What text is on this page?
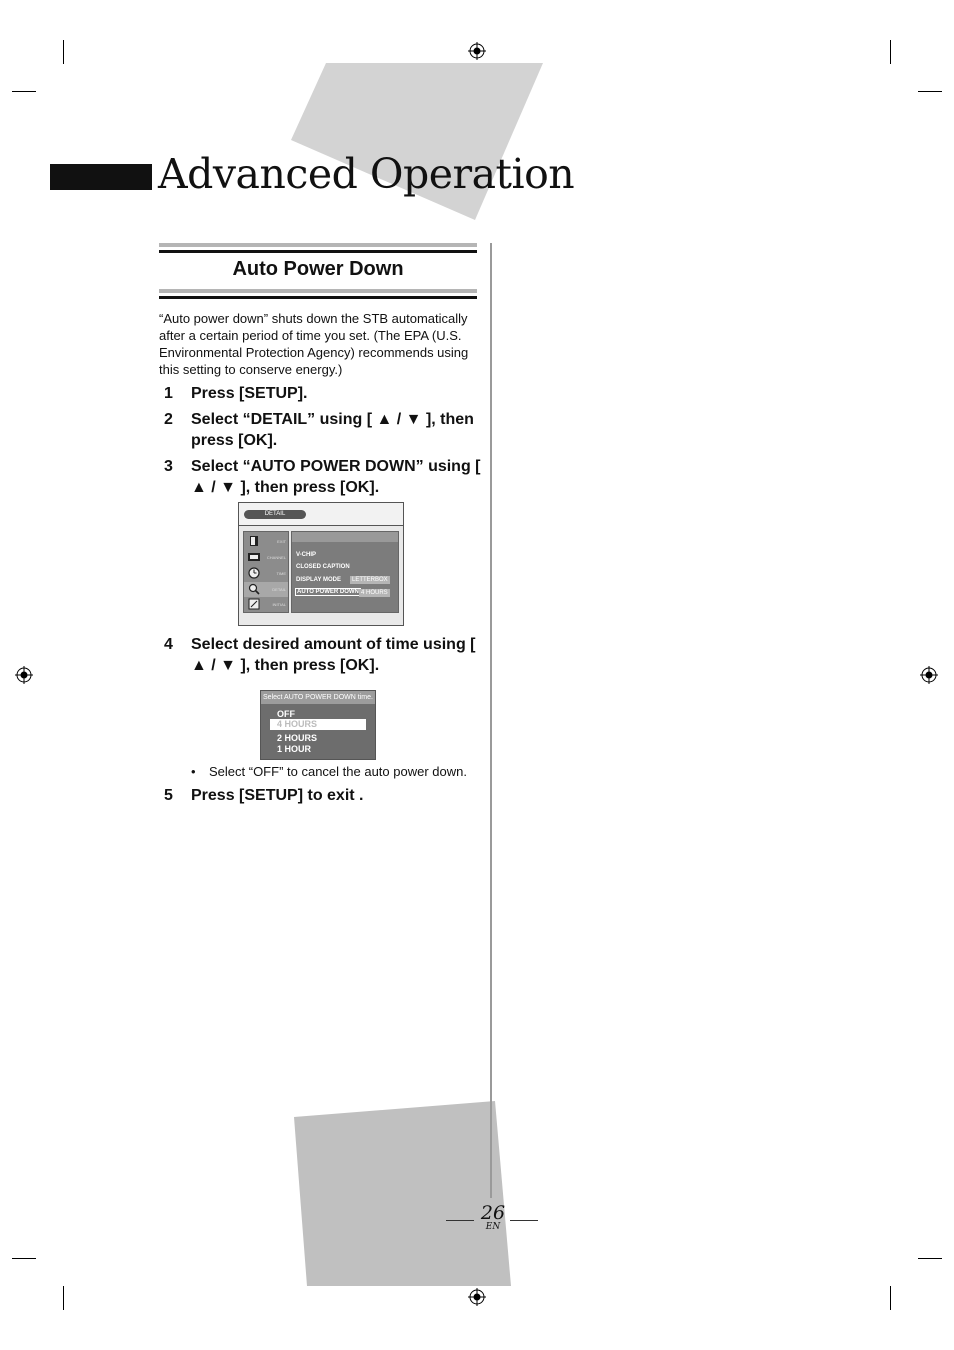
Advanced Operation
Auto Power Down
“Auto power down” shuts down the STB automatically after a certain period of time you set. (The EPA (U.S. Environmental Protection Agency) recommends using this setting to conserve energy.)
1 Press [SETUP].
2 Select “DETAIL” using [ ▲ / ▼ ], then press [OK].
3 Select “AUTO POWER DOWN” using [ ▲ / ▼ ], then press [OK].
DETAIL
EXIT
CHANNEL
TIME
DETAIL
INITIAL
V-CHIP
CLOSED CAPTION
DISPLAY MODE	LETTERBOX
AUTO POWER DOWN 4 HOURS
4 Select desired amount of time using [ ▲ / ▼ ], then press [OK].
Select AUTO POWER DOWN time.
OFF
4 HOURS
2 HOURS
1 HOUR
• Select “OFF” to cancel the auto power down.
5 Press [SETUP] to exit .
26
EN
